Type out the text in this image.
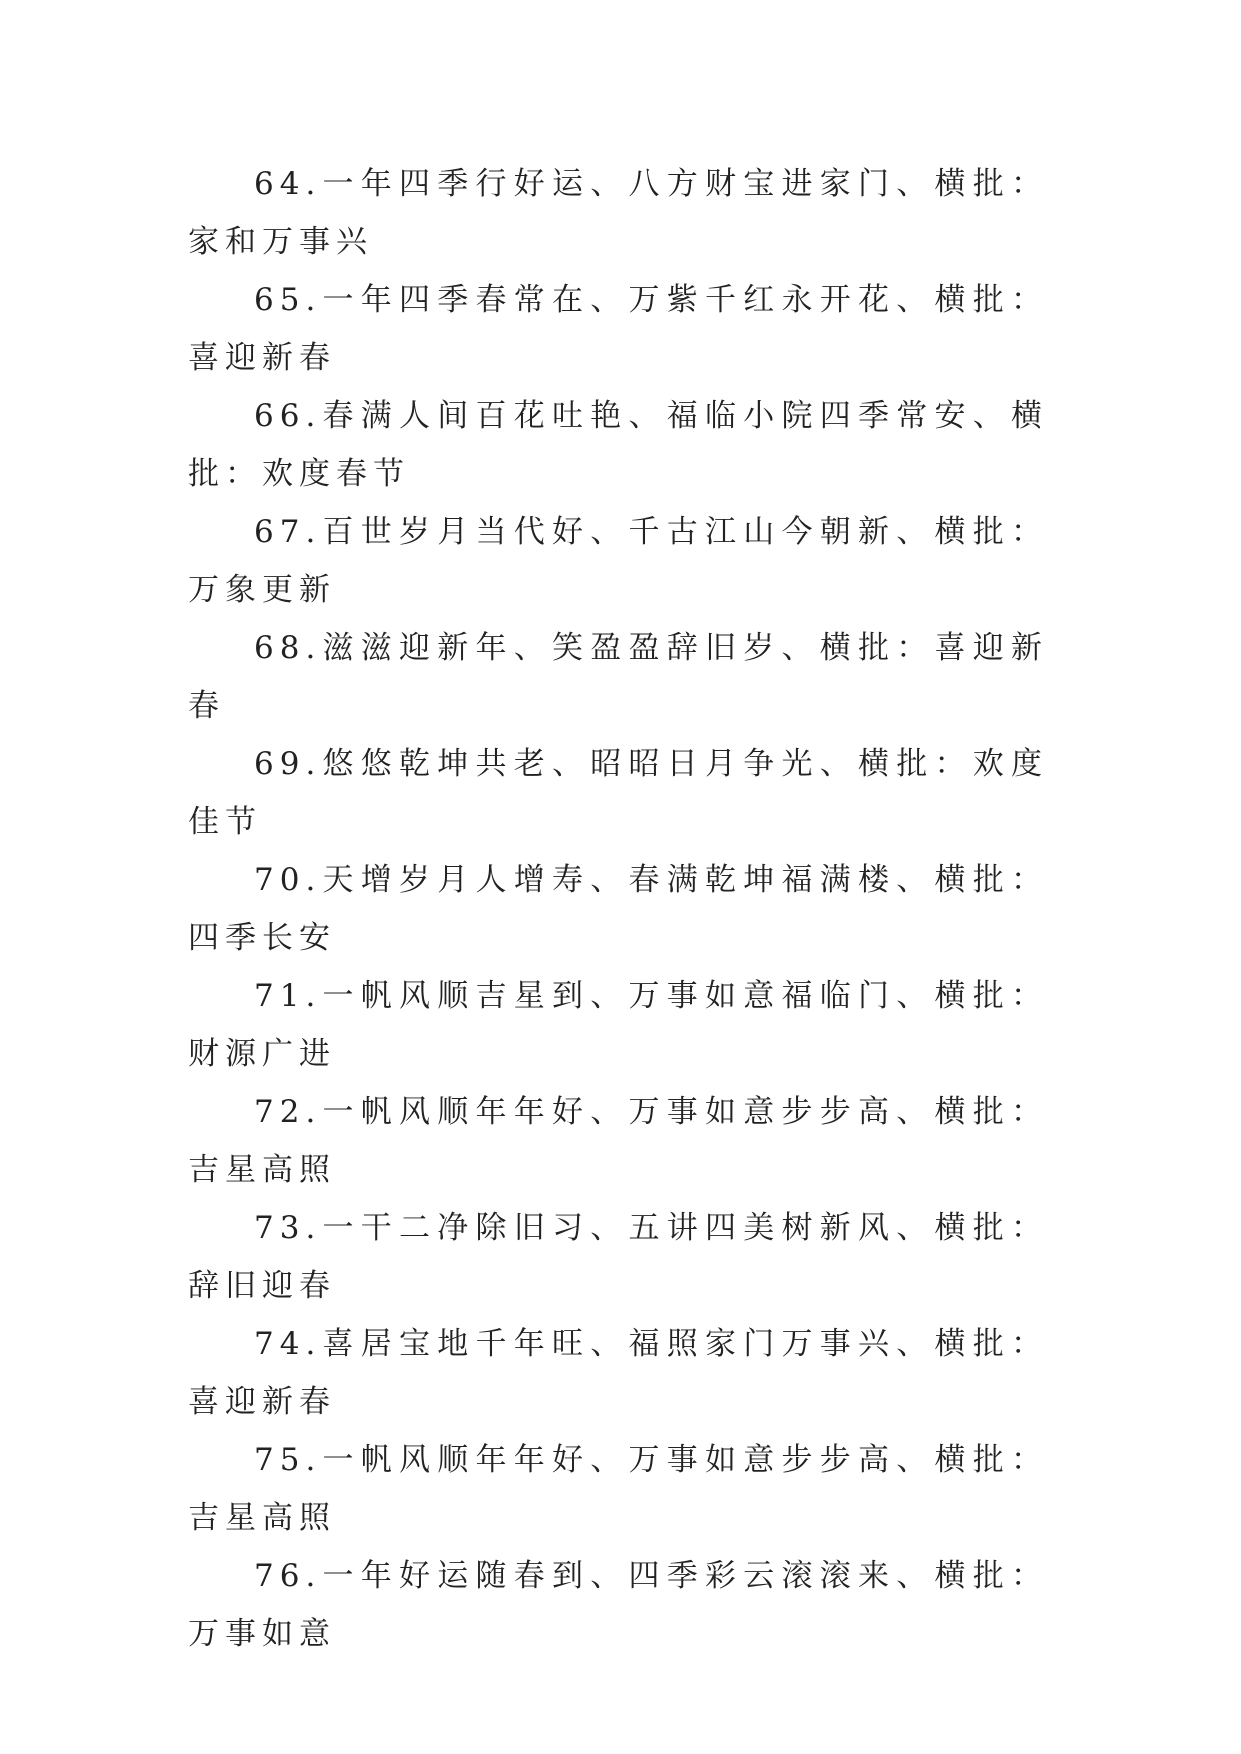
64.一年四季行好运、八方财宝进家门、横批：家和万事兴

65.一年四季春常在、万紫千红永开花、横批：喜迎新春

66.春满人间百花吐艳、福临小院四季常安、横批：欢度春节

67.百世岁月当代好、千古江山今朝新、横批：万象更新

68.滋滋迎新年、笑盈盈辞旧岁、横批：喜迎新春

69.悠悠乾坤共老、昭昭日月争光、横批：欢度佳节

70.天增岁月人增寿、春满乾坤福满楼、横批：四季长安

71.一帆风顺吉星到、万事如意福临门、横批：财源广进

72.一帆风顺年年好、万事如意步步高、横批：吉星高照

73.一干二净除旧习、五讲四美树新风、横批：辞旧迎春

74.喜居宝地千年旺、福照家门万事兴、横批：喜迎新春

75.一帆风顺年年好、万事如意步步高、横批：吉星高照

76.一年好运随春到、四季彩云滚滚来、横批：万事如意
